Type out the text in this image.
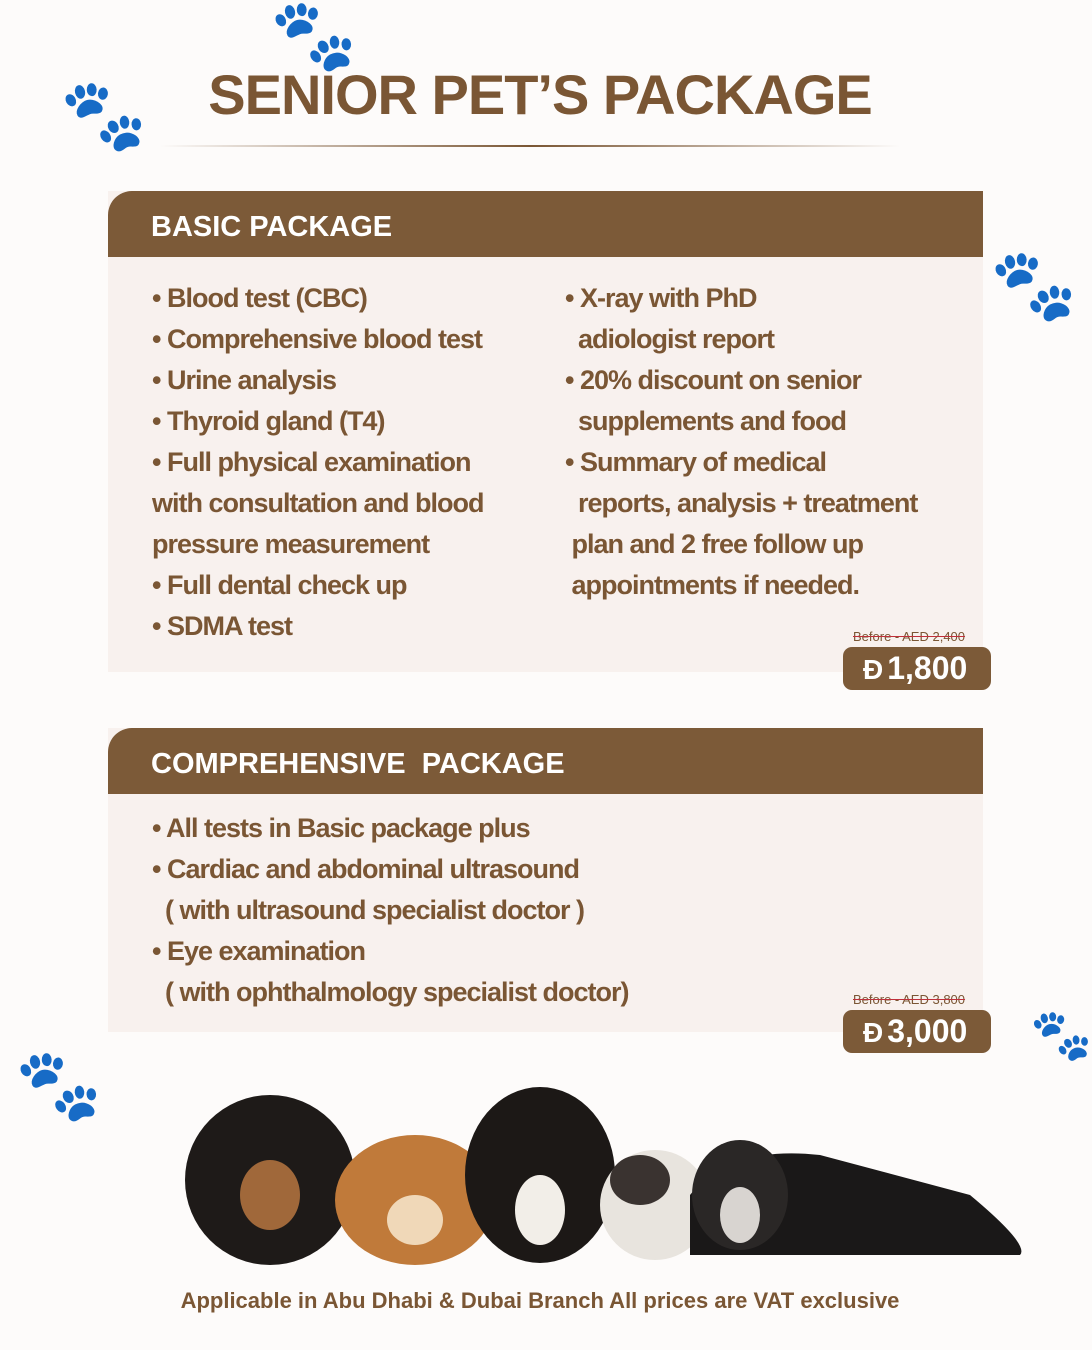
🐾
🐾
🐾
🐾
🐾
SENIOR PET’S PACKAGE
BASIC PACKAGE
• Blood test (CBC)
• Comprehensive blood test
• Urine analysis
• Thyroid gland (T4)
• Full physical examination
with consultation and blood
pressure measurement
• Full dental check up
• SDMA test
• X-ray with PhD
adiologist report
• 20% discount on senior
supplements and food
• Summary of medical
reports, analysis + treatment
plan and 2 free follow up
appointments if needed.
Before - AED 2,400
Đ 1,800
COMPREHENSIVE  PACKAGE
• All tests in Basic package plus
• Cardiac and abdominal ultrasound
( with ultrasound specialist doctor )
• Eye examination
( with ophthalmology specialist doctor)	Before - AED 3,800
Đ 3,000
Applicable in Abu Dhabi & Dubai Branch All prices are VAT exclusive
